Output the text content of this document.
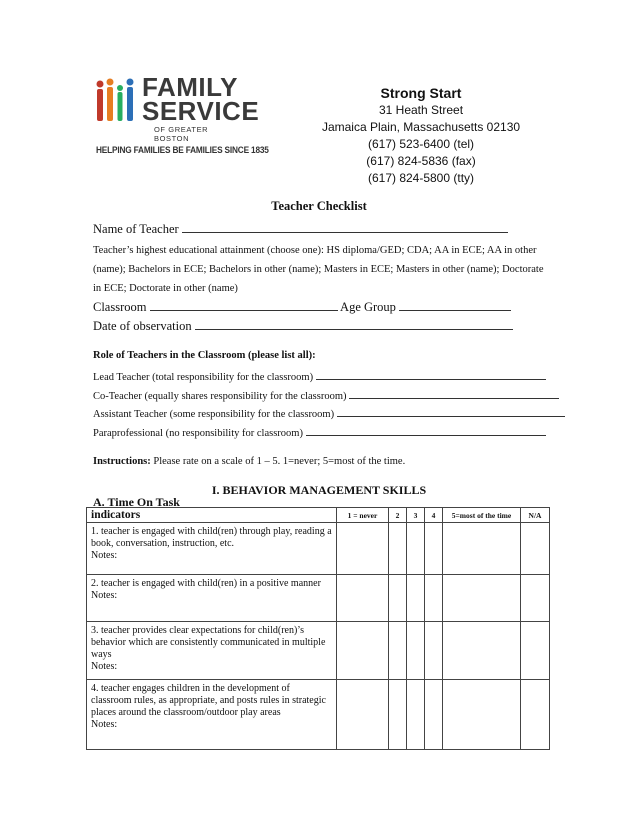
FAMILY
SERVICE
OF GREATER BOSTON
HELPING FAMILIES BE FAMILIES SINCE 1835
Strong Start
31 Heath Street
Jamaica Plain, Massachusetts 02130
(617) 523-6400 (tel)
(617) 824-5836 (fax)
(617) 824-5800 (tty)
Teacher Checklist
Name of Teacher
Teacher’s highest educational attainment (choose one): HS diploma/GED; CDA; AA in ECE; AA in other
(name); Bachelors in ECE; Bachelors in other (name); Masters in ECE; Masters in other (name); Doctorate
in ECE; Doctorate in other (name)
Classroom	Age Group
Date of observation
Role of Teachers in the Classroom (please list all):
Lead Teacher (total responsibility for the classroom)
Co-Teacher (equally shares responsibility for the classroom)
Assistant Teacher (some responsibility for the classroom)
Paraprofessional (no responsibility for classroom)
Instructions: Please rate on a scale of 1 – 5. 1=never; 5=most of the time.
I. BEHAVIOR MANAGEMENT SKILLS
A. Time On Task
indicators	1 = never	2	3	4	5=most of the time	N/A
1. teacher is engaged with child(ren) through play, reading a book, conversation, instruction, etc.
Notes:						

2. teacher is engaged with child(ren) in a positive manner
Notes:						

3. teacher provides clear expectations for child(ren)’s behavior which are consistently communicated in multiple ways
Notes:						

4. teacher engages children in the development of classroom rules, as appropriate, and posts rules in strategic places around the classroom/outdoor play areas
Notes:						
